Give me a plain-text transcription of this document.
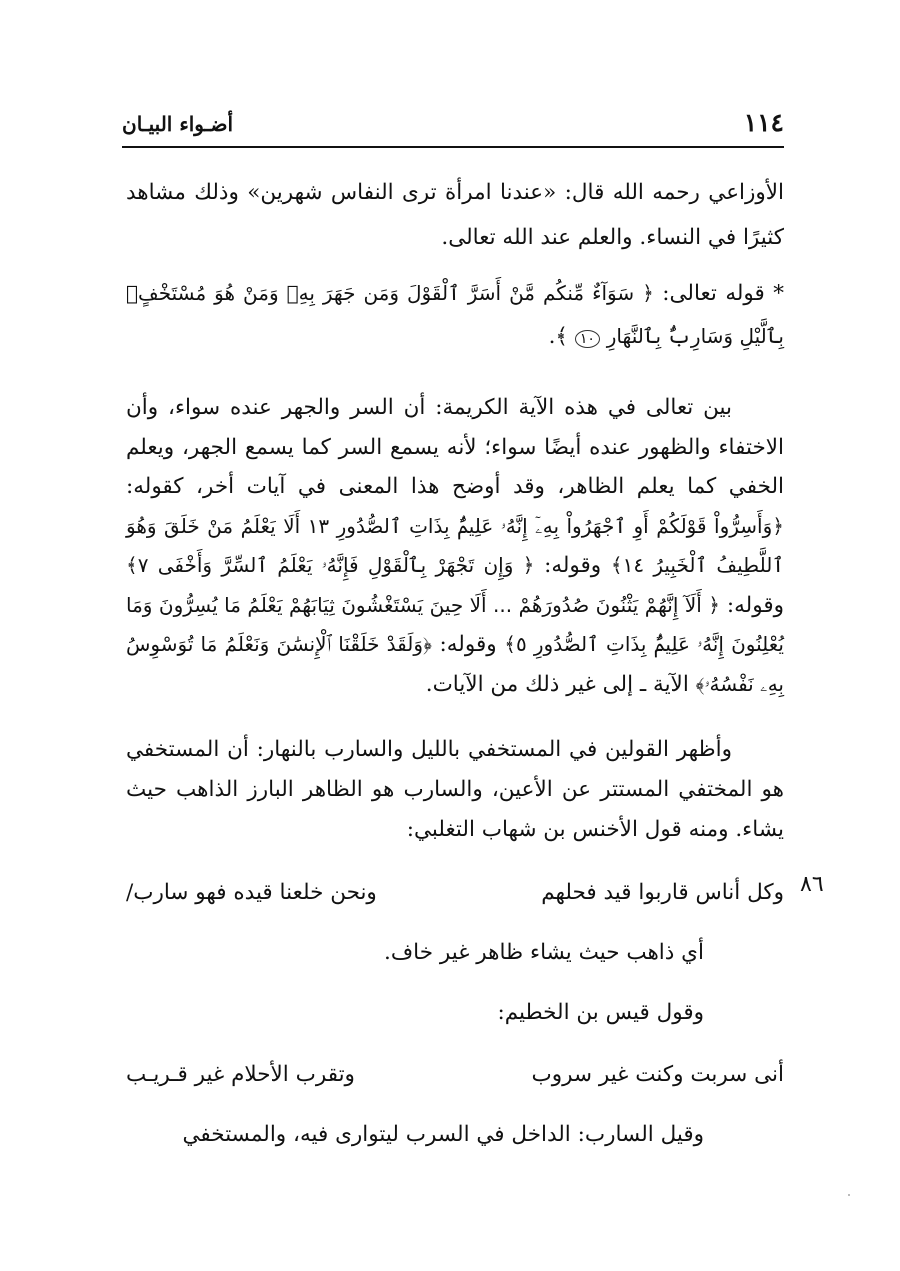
١١٤
أضـواء البيـان
الأوزاعي رحمه الله قال: «عندنا امرأة ترى النفاس شهرين» وذلك مشاهد كثيرًا في النساء. والعلم عند الله تعالى.
* قوله تعالى: ﴿ سَوَآءٌ مِّنكُم مَّنْ أَسَرَّ ٱلْقَوْلَ وَمَن جَهَرَ بِهِۦ وَمَنْ هُوَ مُسْتَخْفٍۭ بِٱلَّيْلِ وَسَارِبٌۢ بِٱلنَّهَارِ ١٠ ﴾.
بين تعالى في هذه الآية الكريمة: أن السر والجهر عنده سواء، وأن الاختفاء والظهور عنده أيضًا سواء؛ لأنه يسمع السر كما يسمع الجهر، ويعلم الخفي كما يعلم الظاهر، وقد أوضح هذا المعنى في آيات أخر، كقوله: ﴿وَأَسِرُّواْ قَوْلَكُمْ أَوِ ٱجْهَرُواْ بِهِۦٓ إِنَّهُۥ عَلِيمٌۢ بِذَاتِ ٱلصُّدُورِ ١٣ أَلَا يَعْلَمُ مَنْ خَلَقَ وَهُوَ ٱللَّطِيفُ ٱلْخَبِيرُ ١٤﴾ وقوله: ﴿ وَإِن تَجْهَرْ بِٱلْقَوْلِ فَإِنَّهُۥ يَعْلَمُ ٱلسِّرَّ وَأَخْفَى ٧﴾ وقوله: ﴿ أَلَآ إِنَّهُمْ يَثْنُونَ صُدُورَهُمْ ... أَلَا حِينَ يَسْتَغْشُونَ ثِيَابَهُمْ يَعْلَمُ مَا يُسِرُّونَ وَمَا يُعْلِنُونَ إِنَّهُۥ عَلِيمٌۢ بِذَاتِ ٱلصُّدُورِ ٥﴾ وقوله: ﴿وَلَقَدْ خَلَقْنَا ٱلْإِنسَٰنَ وَنَعْلَمُ مَا تُوَسْوِسُ بِهِۦ نَفْسُهُۥ﴾ الآية ـ إلى غير ذلك من الآيات.
وأظهر القولين في المستخفي بالليل والسارب بالنهار: أن المستخفي هو المختفي المستتر عن الأعين، والسارب هو الظاهر البارز الذاهب حيث يشاء. ومنه قول الأخنس بن شهاب التغلبي:
٨٦
وكل أناس قاربوا قيد فحلهم
ونحن خلعنا قيده فهو سارب/
أي ذاهب حيث يشاء ظاهر غير خاف.
وقول قيس بن الخطيم:
أنى سربت وكنت غير سروب
وتقرب الأحلام غير قـريـب
وقيل السارب: الداخل في السرب ليتوارى فيه، والمستخفي
